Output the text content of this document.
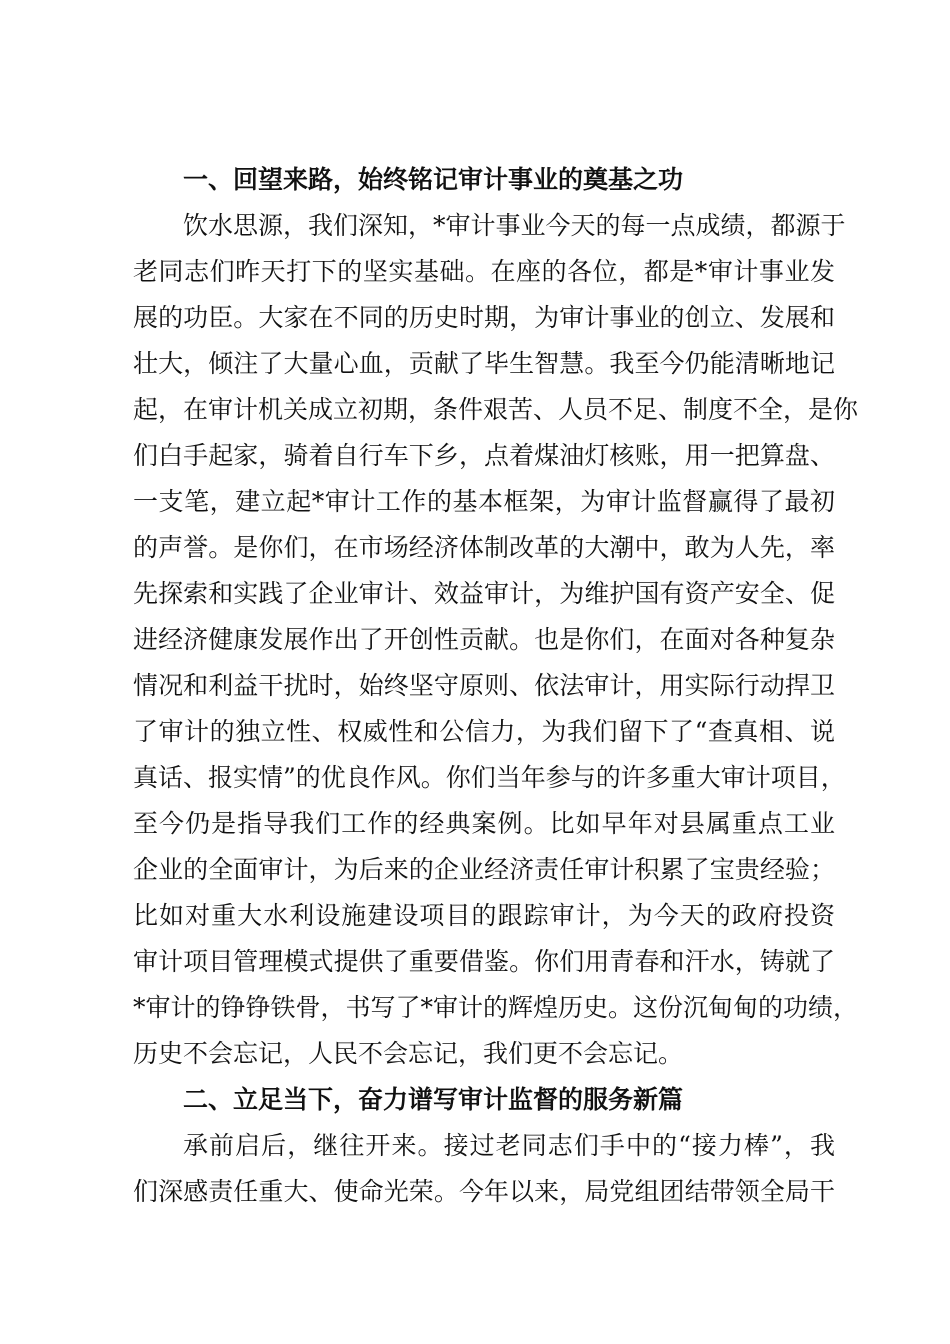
一、回望来路，始终铭记审计事业的奠基之功
饮水思源，我们深知，*审计事业今天的每一点成绩，都源于
老同志们昨天打下的坚实基础。在座的各位，都是*审计事业发
展的功臣。大家在不同的历史时期，为审计事业的创立、发展和
壮大，倾注了大量心血，贡献了毕生智慧。我至今仍能清晰地记
起，在审计机关成立初期，条件艰苦、人员不足、制度不全，是你
们白手起家，骑着自行车下乡，点着煤油灯核账，用一把算盘、
一支笔，建立起*审计工作的基本框架，为审计监督赢得了最初
的声誉。是你们，在市场经济体制改革的大潮中，敢为人先，率
先探索和实践了企业审计、效益审计，为维护国有资产安全、促
进经济健康发展作出了开创性贡献。也是你们，在面对各种复杂
情况和利益干扰时，始终坚守原则、依法审计，用实际行动捍卫
了审计的独立性、权威性和公信力，为我们留下了“查真相、说
真话、报实情”的优良作风。你们当年参与的许多重大审计项目，
至今仍是指导我们工作的经典案例。比如早年对县属重点工业
企业的全面审计，为后来的企业经济责任审计积累了宝贵经验；
比如对重大水利设施建设项目的跟踪审计，为今天的政府投资
审计项目管理模式提供了重要借鉴。你们用青春和汗水，铸就了
*审计的铮铮铁骨，书写了*审计的辉煌历史。这份沉甸甸的功绩，
历史不会忘记，人民不会忘记，我们更不会忘记。
二、立足当下，奋力谱写审计监督的服务新篇
承前启后，继往开来。接过老同志们手中的“接力棒”，我
们深感责任重大、使命光荣。今年以来，局党组团结带领全局干
